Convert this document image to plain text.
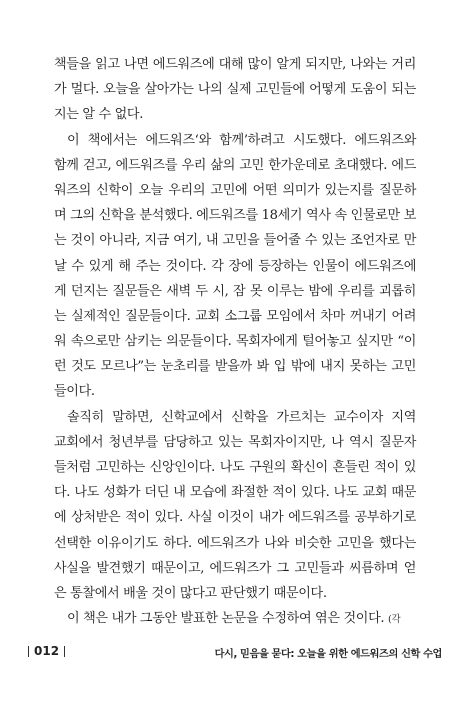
책들을 읽고 나면 에드워즈에 대해 많이 알게 되지만, 나와는 거리
가 멀다. 오늘을 살아가는 나의 실제 고민들에 어떻게 도움이 되는
지는 알 수 없다.
이 책에서는 에드워즈‘와 함께’하려고 시도했다. 에드워즈와
함께 걷고, 에드워즈를 우리 삶의 고민 한가운데로 초대했다. 에드
워즈의 신학이 오늘 우리의 고민에 어떤 의미가 있는지를 질문하
며 그의 신학을 분석했다. 에드워즈를 18세기 역사 속 인물로만 보
는 것이 아니라, 지금 여기, 내 고민을 들어줄 수 있는 조언자로 만
날 수 있게 해 주는 것이다. 각 장에 등장하는 인물이 에드워즈에
게 던지는 질문들은 새벽 두 시, 잠 못 이루는 밤에 우리를 괴롭히
는 실제적인 질문들이다. 교회 소그룹 모임에서 차마 꺼내기 어려
워 속으로만 삼키는 의문들이다. 목회자에게 털어놓고 싶지만 “이
런 것도 모르나”는 눈초리를 받을까 봐 입 밖에 내지 못하는 고민
들이다.
솔직히 말하면, 신학교에서 신학을 가르치는 교수이자 지역
교회에서 청년부를 담당하고 있는 목회자이지만, 나 역시 질문자
들처럼 고민하는 신앙인이다. 나도 구원의 확신이 흔들린 적이 있
다. 나도 성화가 더딘 내 모습에 좌절한 적이 있다. 나도 교회 때문
에 상처받은 적이 있다. 사실 이것이 내가 에드워즈를 공부하기로
선택한 이유이기도 하다. 에드워즈가 나와 비슷한 고민을 했다는
사실을 발견했기 때문이고, 에드워즈가 그 고민들과 씨름하며 얻
은 통찰에서 배울 것이 많다고 판단했기 때문이다.
이 책은 내가 그동안 발표한 논문을 수정하여 엮은 것이다. (각
012	다시, 믿음을 묻다: 오늘을 위한 에드워즈의 신학 수업
